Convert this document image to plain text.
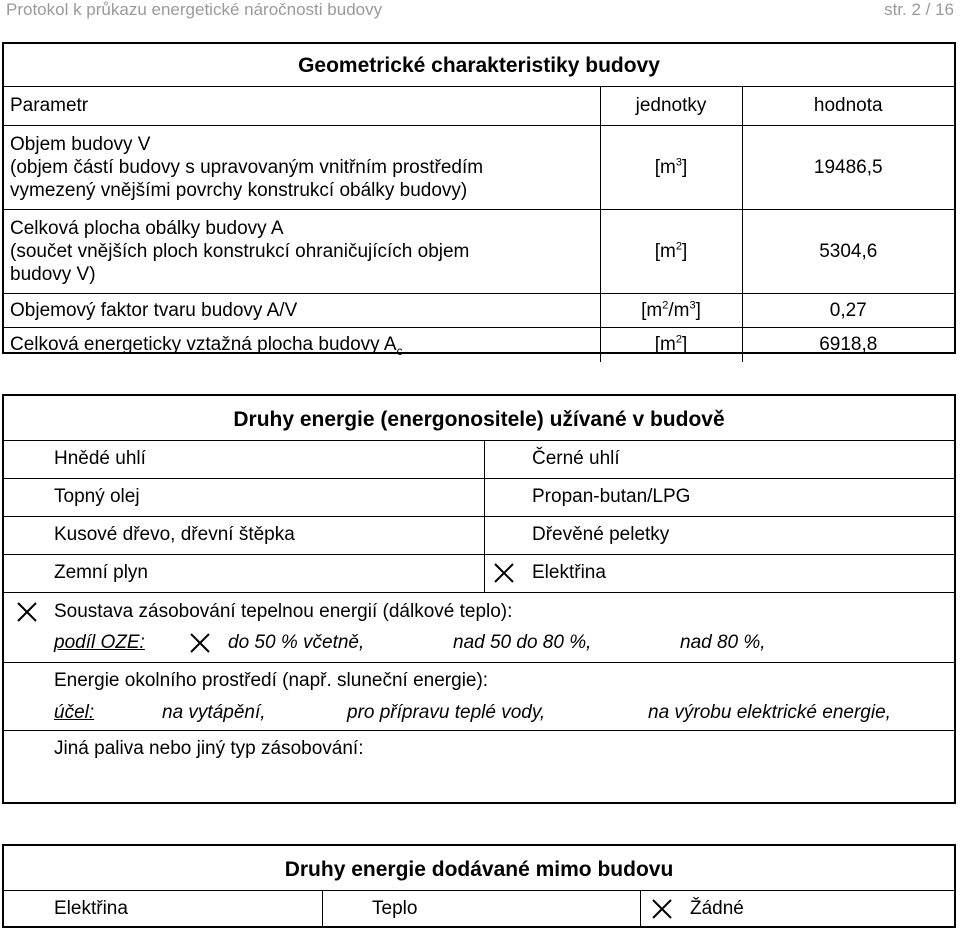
Protokol k průkazu energetické náročnosti budovy	str. 2 / 16
Geometrické charakteristiky budovy
Parametr	jednotky	hodnota

Objem budovy V
(objem částí budovy s upravovaným vnitřním prostředím
vymezený vnějšími povrchy konstrukcí obálky budovy)	$[m^3]$	19486,5

Celková plocha obálky budovy A
(součet vnějších ploch konstrukcí ohraničujících objem
budovy V)	$[m^2]$	5304,6
Objemový faktor tvaru budovy A/V	$[m^2/m^3]$	0,27
Celková energeticky vztažná plocha budovy $A_c$	$[m^2]$	6918,8
Druhy energie (energonositele) užívané v budově
Hnědé uhlí	Černé uhlí
Topný olej	Propan-butan/LPG
Kusové dřevo, dřevní štěpka	Dřevěné peletky
Zemní plyn	Elektřina
Soustava zásobování tepelnou energií (dálkové teplo):
podíl OZE:	do 50 % včetně,	nad 50 do 80 %,	nad 80 %,
Energie okolního prostředí (např. sluneční energie):
účel:	na vytápění,	pro přípravu teplé vody,	na výrobu elektrické energie,
Jiná paliva nebo jiný typ zásobování:
Druhy energie dodávané mimo budovu
Elektřina	Teplo	Žádné
